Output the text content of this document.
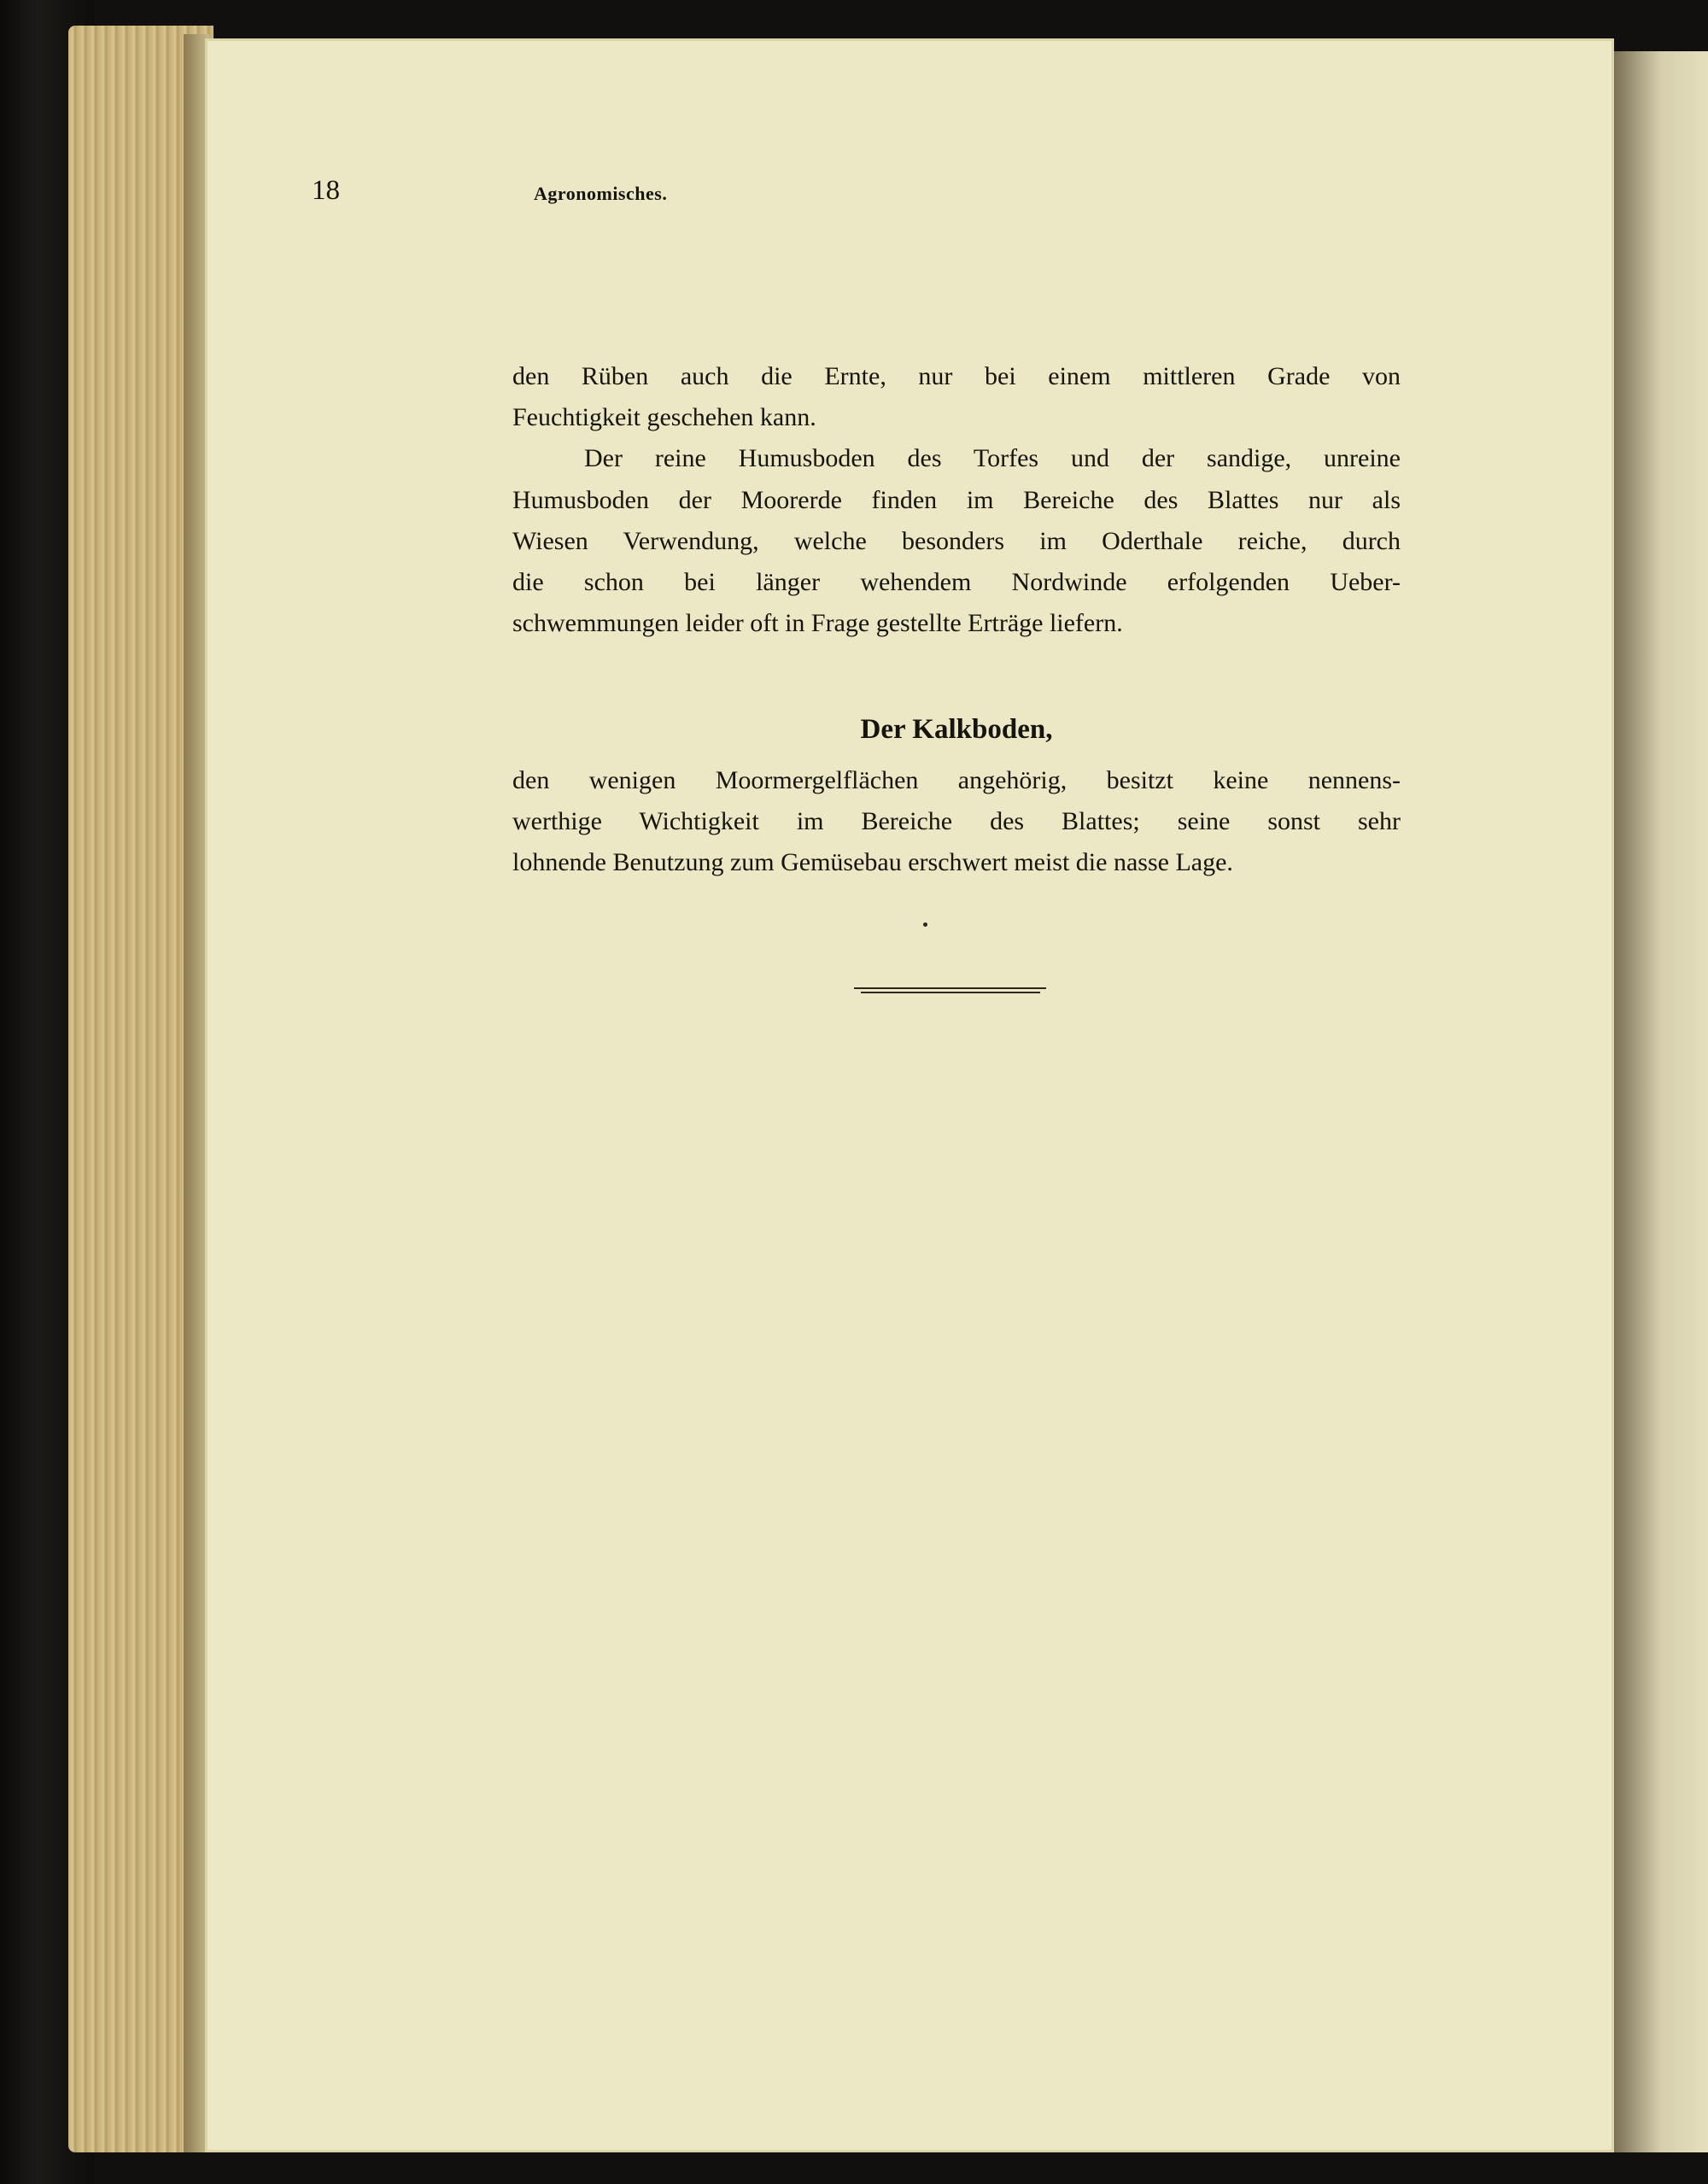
18	Agronomisches.
den Rüben auch die Ernte, nur bei einem mittleren Grade von
Feuchtigkeit geschehen kann.
Der reine Humusboden des Torfes und der sandige, unreine
Humusboden der Moorerde finden im Bereiche des Blattes nur als
Wiesen Verwendung, welche besonders im Oderthale reiche, durch
die schon bei länger wehendem Nordwinde erfolgenden Ueber-
schwemmungen leider oft in Frage gestellte Erträge liefern.
Der Kalkboden,
den wenigen Moormergelflächen angehörig, besitzt keine nennens-
werthige Wichtigkeit im Bereiche des Blattes; seine sonst sehr
lohnende Benutzung zum Gemüsebau erschwert meist die nasse Lage.
